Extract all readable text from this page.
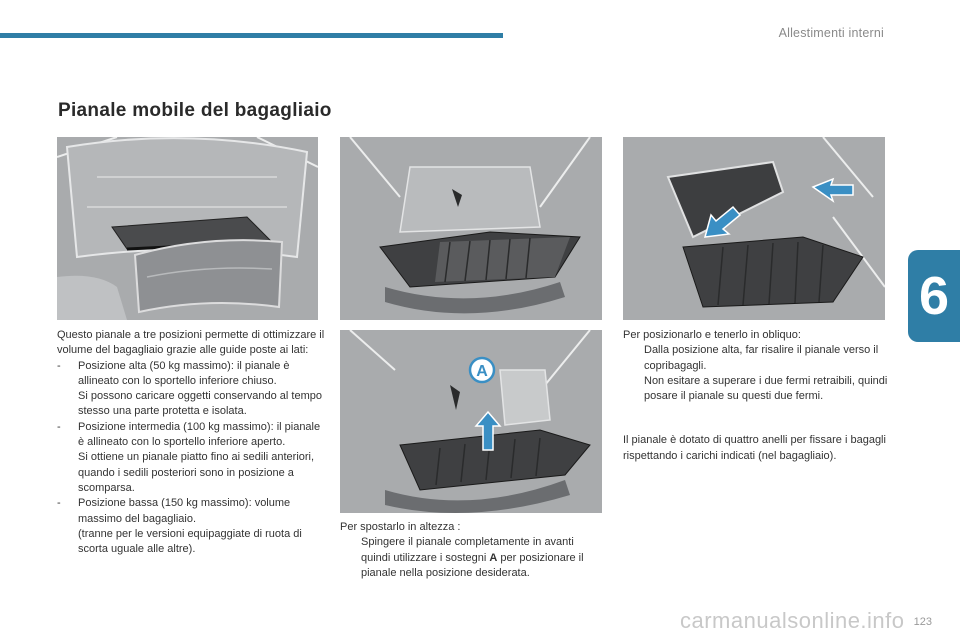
Allestimenti interni
Pianale mobile del bagagliaio
6
A

Questo pianale a tre posizioni permette di ottimizzare il volume del bagagliaio grazie alle guide poste ai lati:

- Posizione alta (50 kg massimo): il pianale è allineato con lo sportello inferiore chiuso.

Si possono caricare oggetti conservando al tempo stesso una parte protetta e isolata.

- Posizione intermedia (100 kg massimo): il pianale è allineato con lo sportello inferiore aperto.

Si ottiene un pianale piatto fino ai sedili anteriori, quando i sedili posteriori sono in posizione a scomparsa.

- Posizione bassa (150 kg massimo): volume massimo del bagagliaio.

(tranne per le versioni equipaggiate di ruota di scorta uguale alle altre).

Per spostarlo in altezza :

Spingere il pianale completamente in avanti quindi utilizzare i sostegni A per posizionare il pianale nella posizione desiderata.

Per posizionarlo e tenerlo in obliquo:

Dalla posizione alta, far risalire il pianale verso il copribagagli.

Non esitare a superare i due fermi retraibili, quindi posare il pianale su questi due fermi.

Il pianale è dotato di quattro anelli per fissare i bagagli rispettando i carichi indicati (nel bagagliaio).

123
carmanualsonline.info
